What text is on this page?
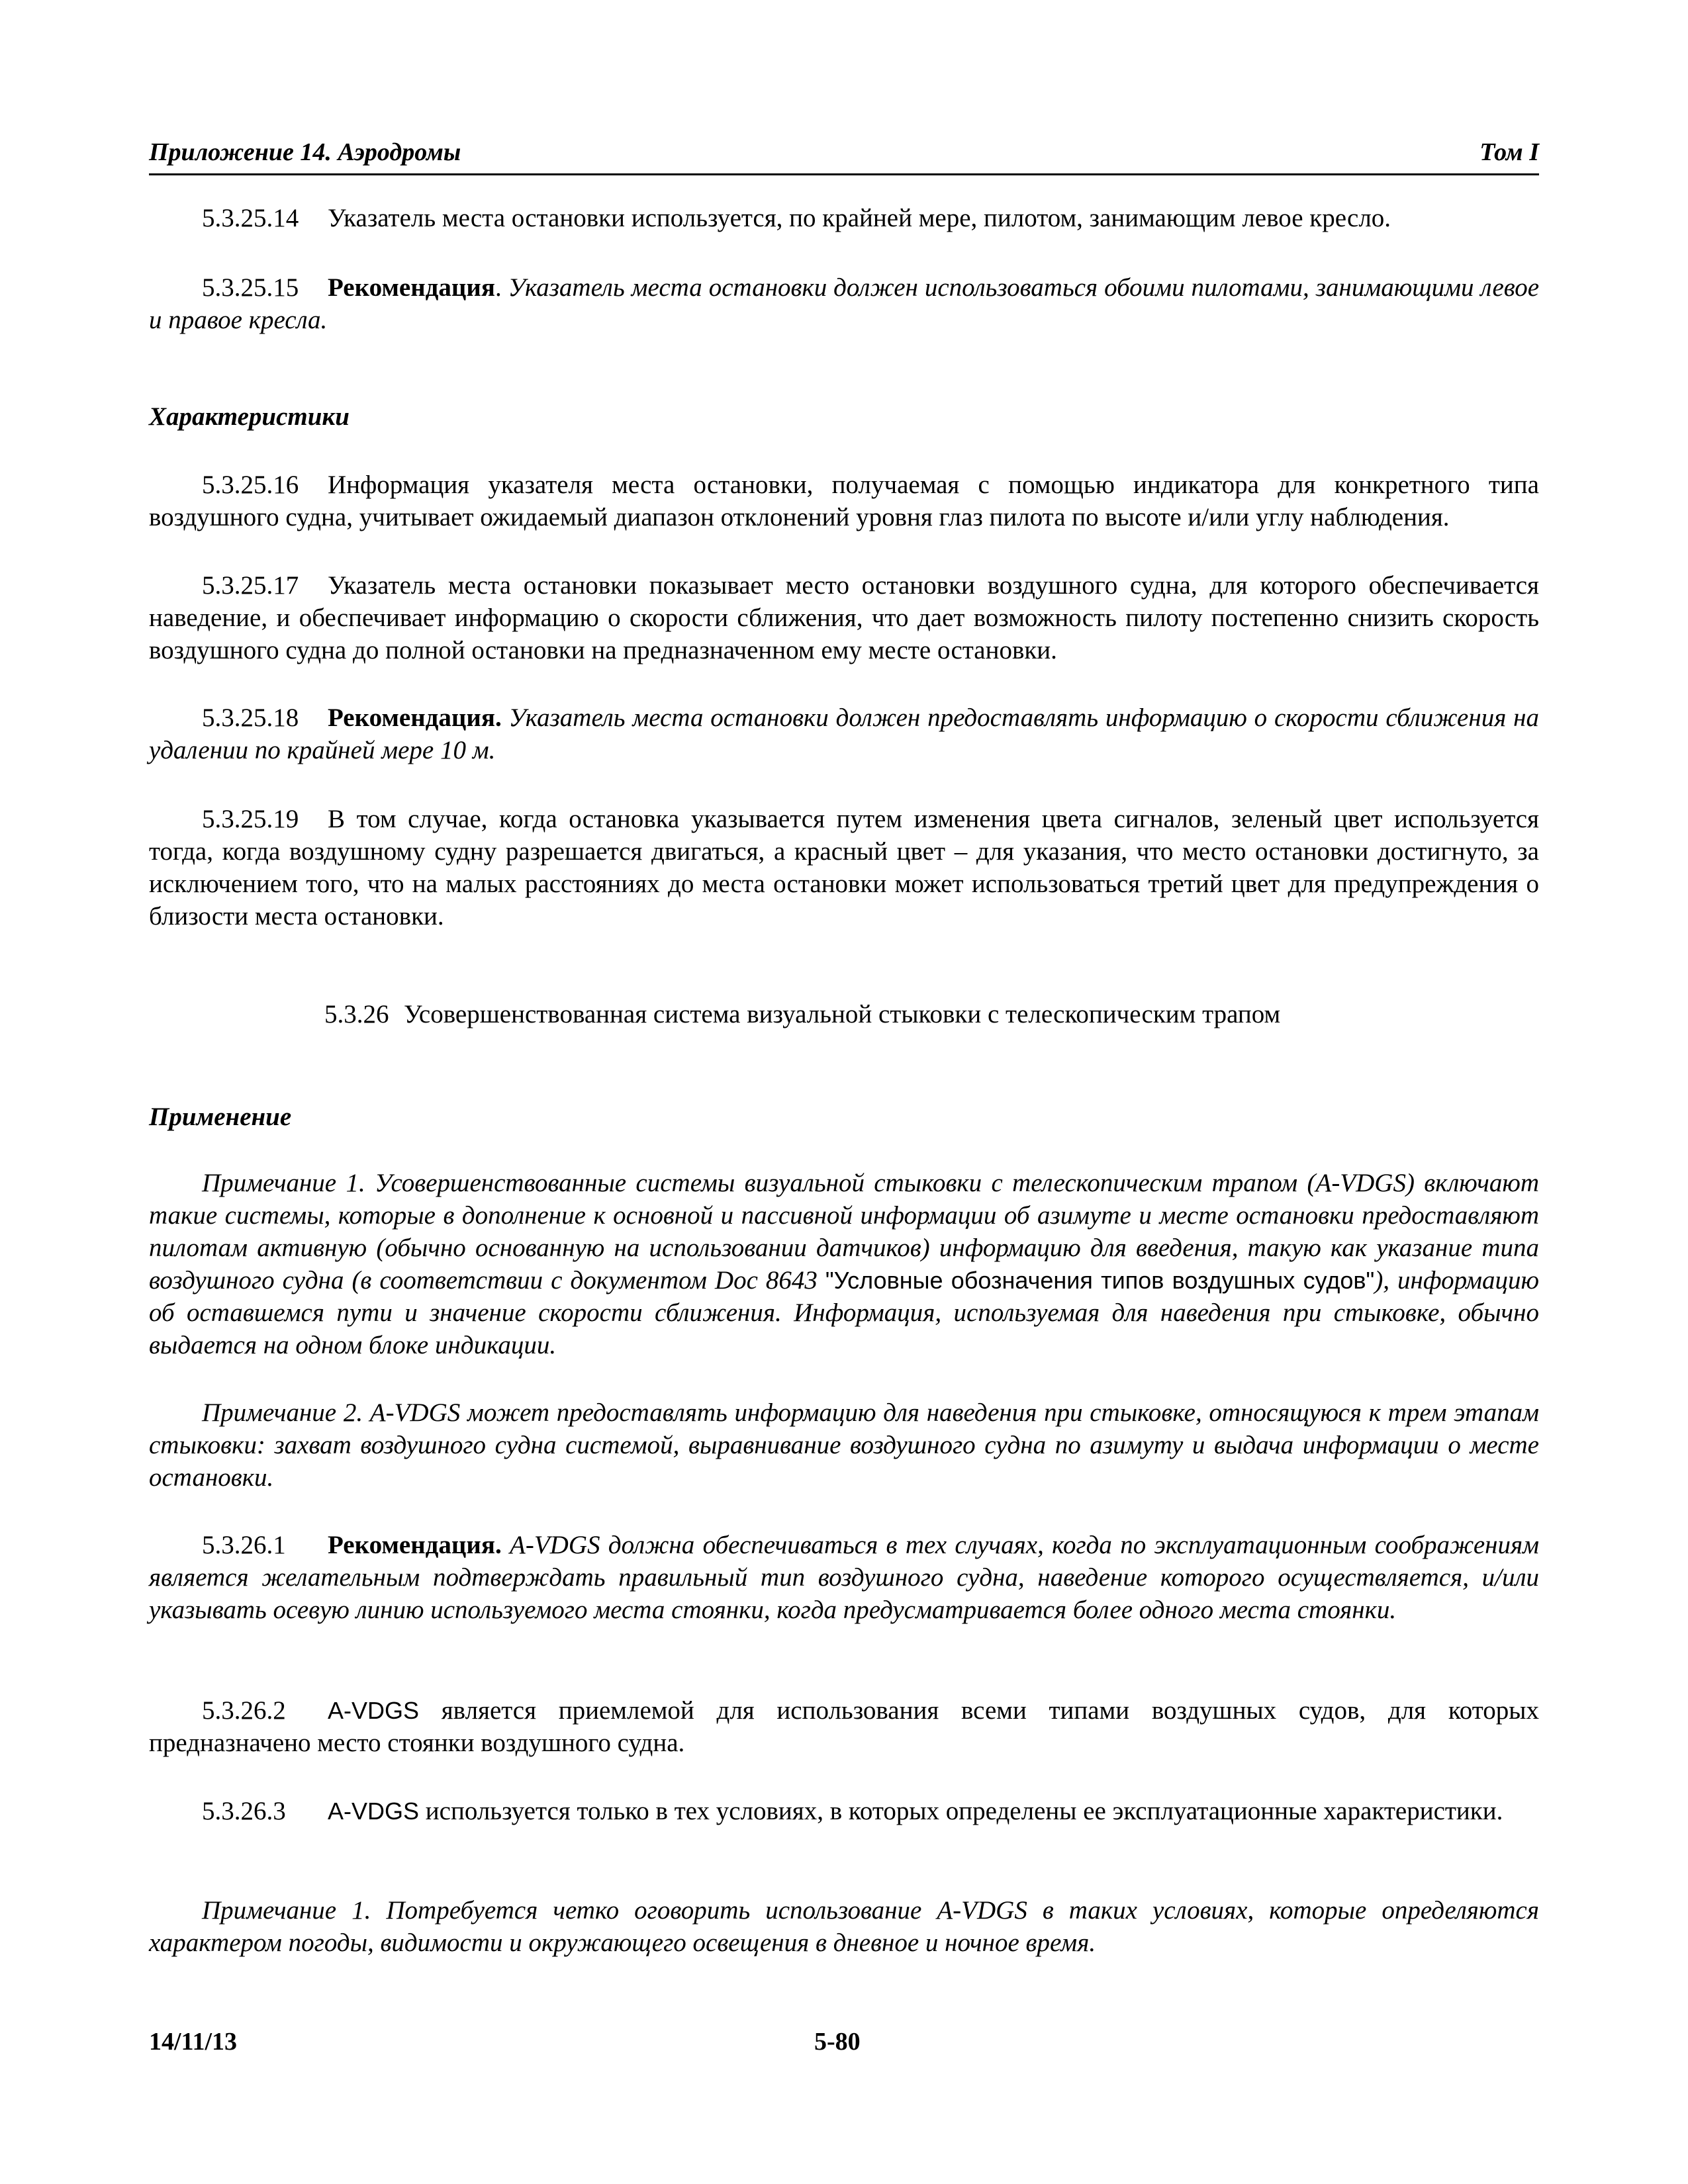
Приложение 14. Аэродромы	Том I

5.3.25.14 Указатель места остановки используется, по крайней мере, пилотом, занимающим левое кресло.

5.3.25.15 Рекомендация. Указатель места остановки должен использоваться обоими пилотами, занимающими левое и правое кресла.

Характеристики

5.3.25.16 Информация указателя места остановки, получаемая с помощью индикатора для конкретного типа воздушного судна, учитывает ожидаемый диапазон отклонений уровня глаз пилота по высоте и/или углу наблюдения.

5.3.25.17 Указатель места остановки показывает место остановки воздушного судна, для которого обеспечивается наведение, и обеспечивает информацию о скорости сближения, что дает возможность пилоту постепенно снизить скорость воздушного судна до полной остановки на предназначенном ему месте остановки.

5.3.25.18 Рекомендация. Указатель места остановки должен предоставлять информацию о скорости сближения на удалении по крайней мере 10 м.

5.3.25.19 В том случае, когда остановка указывается путем изменения цвета сигналов, зеленый цвет используется тогда, когда воздушному судну разрешается двигаться, а красный цвет – для указания, что место остановки достигнуто, за исключением того, что на малых расстояниях до места остановки может использоваться третий цвет для предупреждения о близости места остановки.

5.3.26 Усовершенствованная система визуальной стыковки с телескопическим трапом

Применение

Примечание 1. Усовершенствованные системы визуальной стыковки с телескопическим трапом (A-VDGS) включают такие системы, которые в дополнение к основной и пассивной информации об азимуте и месте остановки предоставляют пилотам активную (обычно основанную на использовании датчиков) информацию для введения, такую как указание типа воздушного судна (в соответствии с документом Doc 8643 "Условные обозначения типов воздушных судов"), информацию об оставшемся пути и значение скорости сближения. Информация, используемая для наведения при стыковке, обычно выдается на одном блоке индикации.

Примечание 2. A-VDGS может предоставлять информацию для наведения при стыковке, относящуюся к трем этапам стыковки: захват воздушного судна системой, выравнивание воздушного судна по азимуту и выдача информации о месте остановки.

5.3.26.1 Рекомендация. A-VDGS должна обеспечиваться в тех случаях, когда по эксплуатационным соображениям является желательным подтверждать правильный тип воздушного судна, наведение которого осуществляется, и/или указывать осевую линию используемого места стоянки, когда предусматривается более одного места стоянки.

5.3.26.2 A-VDGS является приемлемой для использования всеми типами воздушных судов, для которых предназначено место стоянки воздушного судна.

5.3.26.3 A-VDGS используется только в тех условиях, в которых определены ее эксплуатационные характеристики.

Примечание 1. Потребуется четко оговорить использование A-VDGS в таких условиях, которые определяются характером погоды, видимости и окружающего освещения в дневное и ночное время.

14/11/13	5-80
